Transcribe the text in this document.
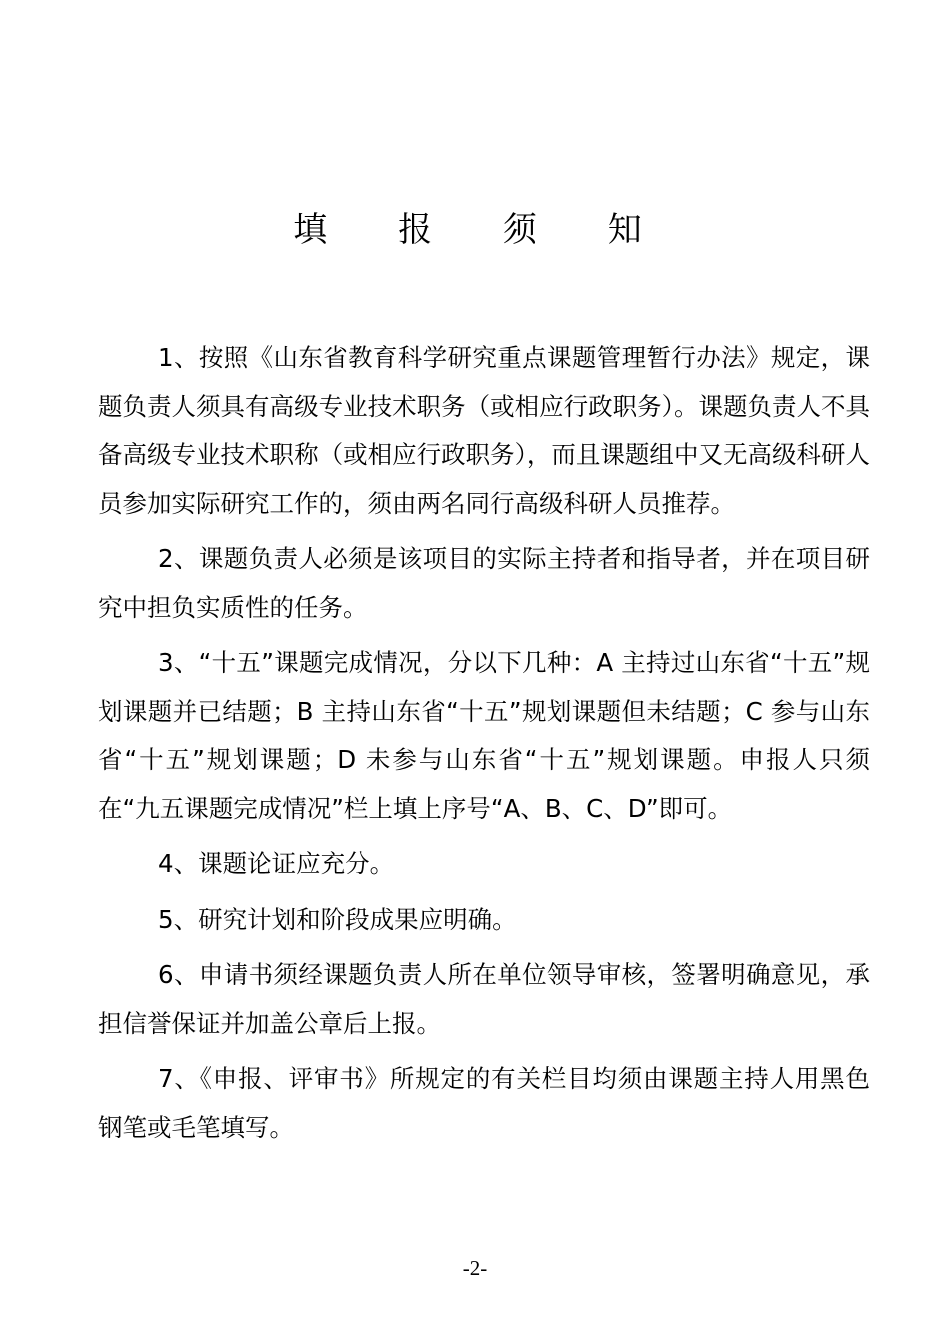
填 报 须 知

1、按照《山东省教育科学研究重点课题管理暂行办法》规定，课题负责人须具有高级专业技术职务（或相应行政职务）。课题负责人不具备高级专业技术职称（或相应行政职务），而且课题组中又无高级科研人员参加实际研究工作的，须由两名同行高级科研人员推荐。

2、课题负责人必须是该项目的实际主持者和指导者，并在项目研究中担负实质性的任务。

3、“十五”课题完成情况，分以下几种：A 主持过山东省“十五”规划课题并已结题；B 主持山东省“十五”规划课题但未结题；C 参与山东省“十五”规划课题；D 未参与山东省“十五”规划课题。申报人只须在“九五课题完成情况”栏上填上序号“A、B、C、D”即可。

4、课题论证应充分。

5、研究计划和阶段成果应明确。

6、申请书须经课题负责人所在单位领导审核，签署明确意见，承担信誉保证并加盖公章后上报。

7、《申报、评审书》所规定的有关栏目均须由课题主持人用黑色钢笔或毛笔填写。

-2-
